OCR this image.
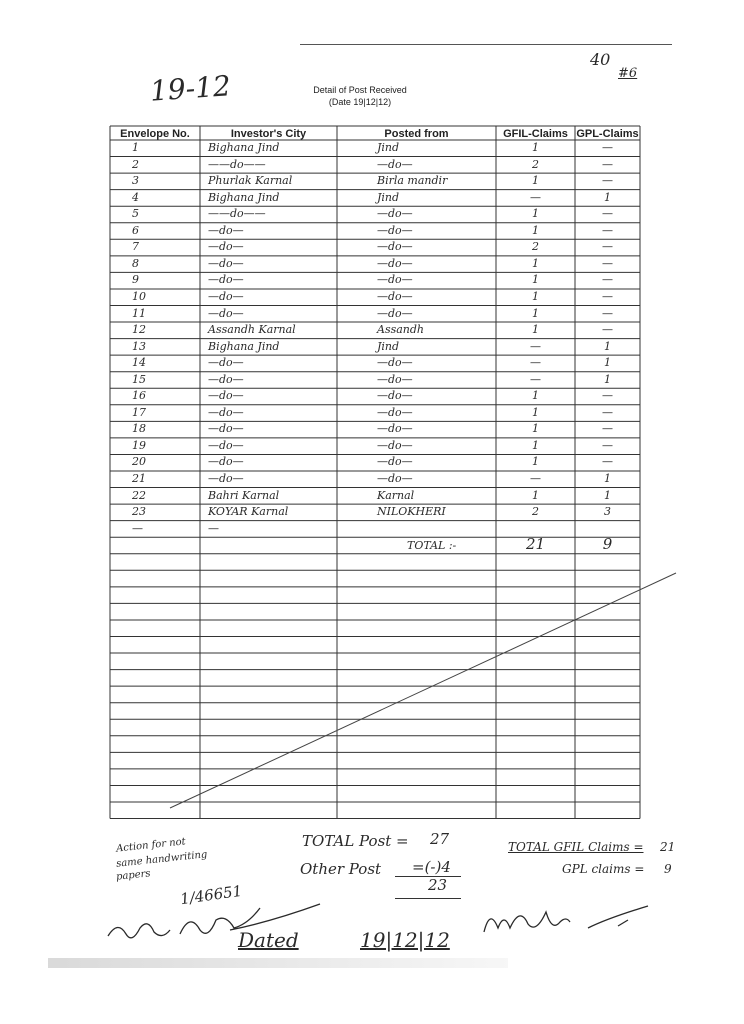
19-12
40
#6
Detail of Post Received
(Date 19|12|12)
Envelope No.	Investor's City	Posted from	GFIL-Claims GPL-Claims
1	Bighana Jind	Jind	1	—
2	——do——	—do—	2	—
3	Phurlak Karnal	Birla mandir	1	—
4	Bighana Jind	Jind	—	1
5	——do——	—do—	1	—
6	—do—	—do—	1	—
7	—do—	—do—	2	—
8	—do—	—do—	1	—
9	—do—	—do—	1	—
10	—do—	—do—	1	—
11	—do—	—do—	1	—
12	Assandh Karnal	Assandh	1	—
13	Bighana Jind	Jind	—	1
14	—do—	—do—	—	1
15	—do—	—do—	—	1
16	—do—	—do—	1	—
17	—do—	—do—	1	—
18	—do—	—do—	1	—
19	—do—	—do—	1	—
20	—do—	—do—	1	—
21	—do—	—do—	—	1
22	Bahri Karnal	Karnal	1	1
23	KOYAR Karnal	NILOKHERI	2	3
—	—
TOTAL :-	21	9
Action for not
same handwriting
papers
1/46651
TOTAL Post = 27
Other Post =(-)4
23
TOTAL GFIL Claims = 21
GPL claims = 9
Dated	19|12|12
